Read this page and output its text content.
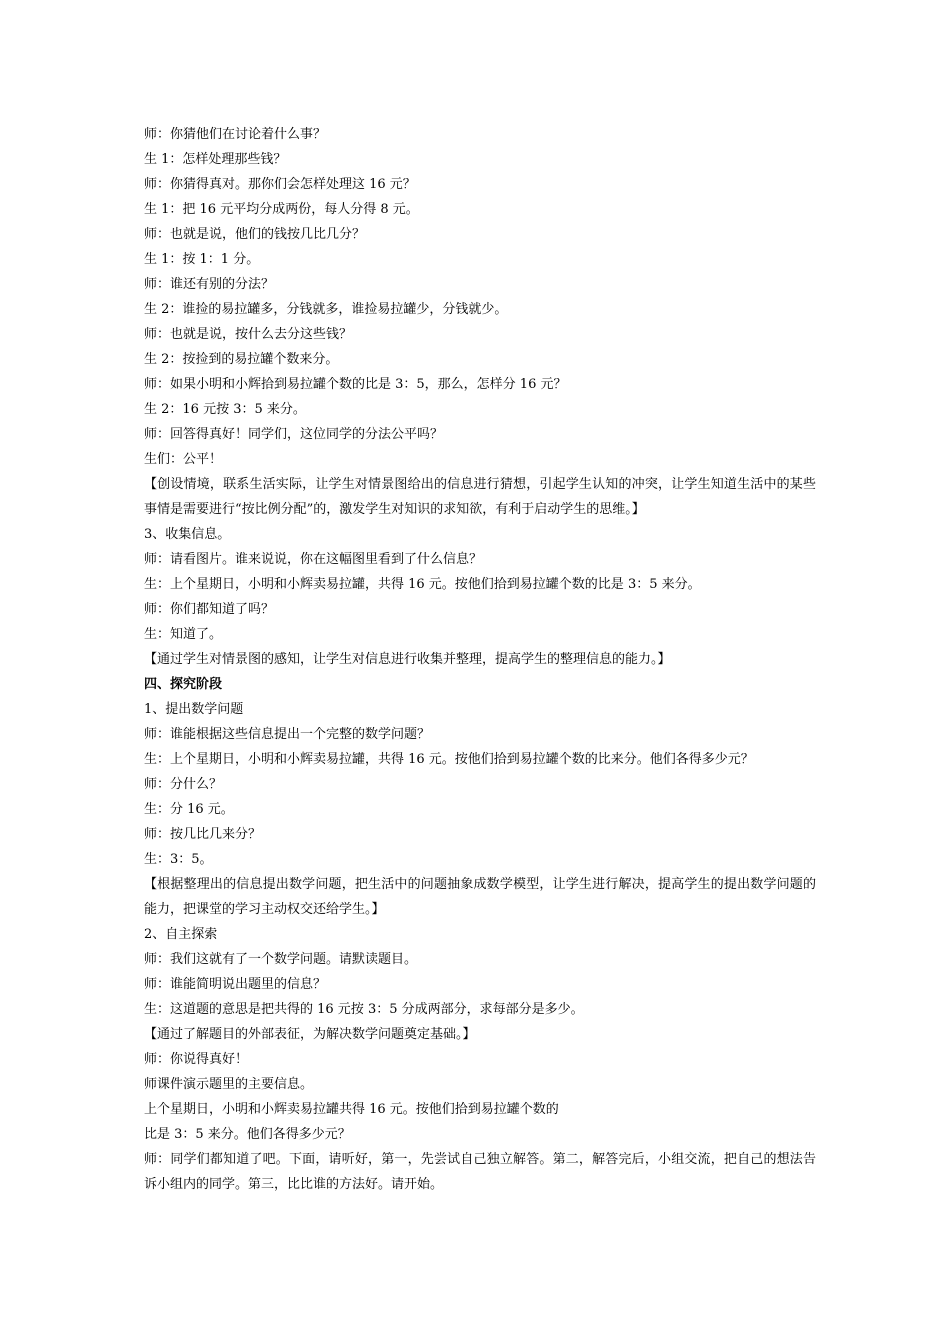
师：你猜他们在讨论着什么事？
生 1：怎样处理那些钱？
师：你猜得真对。那你们会怎样处理这 16 元？
生 1：把 16 元平均分成两份，每人分得 8 元。
师：也就是说，他们的钱按几比几分？
生 1：按 1：1 分。
师：谁还有别的分法？
生 2：谁捡的易拉罐多，分钱就多，谁捡易拉罐少，分钱就少。
师：也就是说，按什么去分这些钱？
生 2：按捡到的易拉罐个数来分。
师：如果小明和小辉拾到易拉罐个数的比是 3：5，那么，怎样分 16 元？
生 2：16 元按 3：5 来分。
师：回答得真好！同学们，这位同学的分法公平吗？
生们：公平！
【创设情境，联系生活实际，让学生对情景图给出的信息进行猜想，引起学生认知的冲突，让学生知道生活中的某些事情是需要进行“按比例分配”的，激发学生对知识的求知欲，有利于启动学生的思维。】
3、收集信息。
师：请看图片。谁来说说，你在这幅图里看到了什么信息？
生：上个星期日，小明和小辉卖易拉罐，共得 16 元。按他们拾到易拉罐个数的比是 3：5 来分。
师：你们都知道了吗？
生：知道了。
【通过学生对情景图的感知，让学生对信息进行收集并整理，提高学生的整理信息的能力。】
四、探究阶段
1、提出数学问题
师：谁能根据这些信息提出一个完整的数学问题？
生：上个星期日，小明和小辉卖易拉罐，共得 16 元。按他们拾到易拉罐个数的比来分。他们各得多少元？
师：分什么？
生：分 16 元。
师：按几比几来分？
生：3：5。
【根据整理出的信息提出数学问题，把生活中的问题抽象成数学模型，让学生进行解决，提高学生的提出数学问题的能力，把课堂的学习主动权交还给学生。】
2、自主探索
师：我们这就有了一个数学问题。请默读题目。
师：谁能简明说出题里的信息？
生：这道题的意思是把共得的 16 元按 3：5 分成两部分，求每部分是多少。
【通过了解题目的外部表征，为解决数学问题奠定基础。】
师：你说得真好！
师课件演示题里的主要信息。
上个星期日，小明和小辉卖易拉罐共得 16 元。按他们拾到易拉罐个数的
比是 3：5 来分。他们各得多少元？
师：同学们都知道了吧。下面，请听好，第一，先尝试自己独立解答。第二，解答完后，小组交流，把自己的想法告诉小组内的同学。第三，比比谁的方法好。请开始。
